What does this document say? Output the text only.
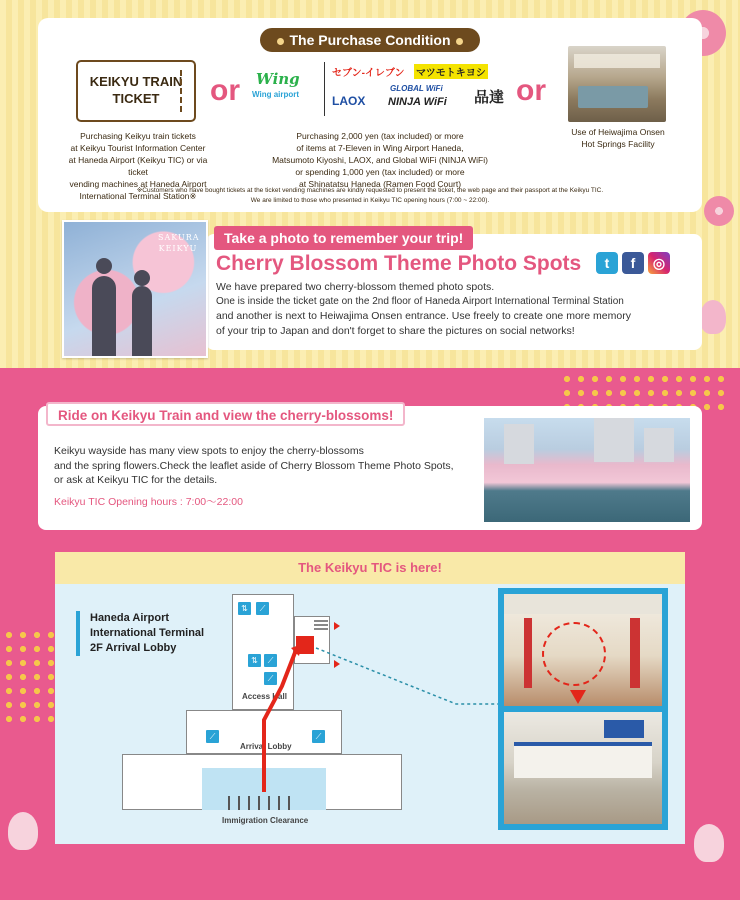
The Purchase Condition
KEIKYU TRAIN
TICKET	or
Purchasing Keikyu train tickets
at Keikyu Tourist Information Center
at Haneda Airport (Keikyu TIC) or via ticket
vending machines at Haneda Airport
International Terminal Station※
Wing
Wing airport
セブン-イレブン マツモトキヨシ
LAOX
GLOBAL WiFi
NINJA WiFi 品達 or
Purchasing 2,000 yen (tax included) or more
of items at 7-Eleven in Wing Airport Haneda,
Matsumoto Kiyoshi, LAOX, and Global WiFi (NINJA WiFi)
or spending 1,000 yen (tax included) or more
at Shinatatsu Haneda (Ramen Food Court)
Use of Heiwajima Onsen
Hot Springs Facility
※Customers who have bought tickets at the ticket vending machines are kindly requested to present the ticket, the web page and their passport at the Keikyu TIC.
We are limited to those who presented in Keikyu TIC opening hours (7:00 ~ 22:00).
SAKURA KEIKYU
Take a photo to remember your trip!
Cherry Blossom Theme Photo Spots	t	f	◎
We have prepared two cherry-blossom themed photo spots.
One is inside the ticket gate on the 2nd floor of Haneda Airport International Terminal Station
and another is next to Heiwajima Onsen entrance. Use freely to create one more memory
of your trip to Japan and don't forget to share the pictures on social networks!
Ride on Keikyu Train and view the cherry-blossoms!
Keikyu wayside has many view spots to enjoy the cherry-blossoms
and the spring flowers.Check the leaflet aside of Cherry Blossom Theme Photo Spots,
or ask at Keikyu TIC for the details.
Keikyu TIC Opening hours : 7:00〜22:00
The Keikyu TIC is here!
Haneda Airport
International Terminal
2F Arrival Lobby
⇅	⟋
⇅	⟋
⟋
⟋	⟋
Access Hall
Arrival Lobby
Immigration Clearance
